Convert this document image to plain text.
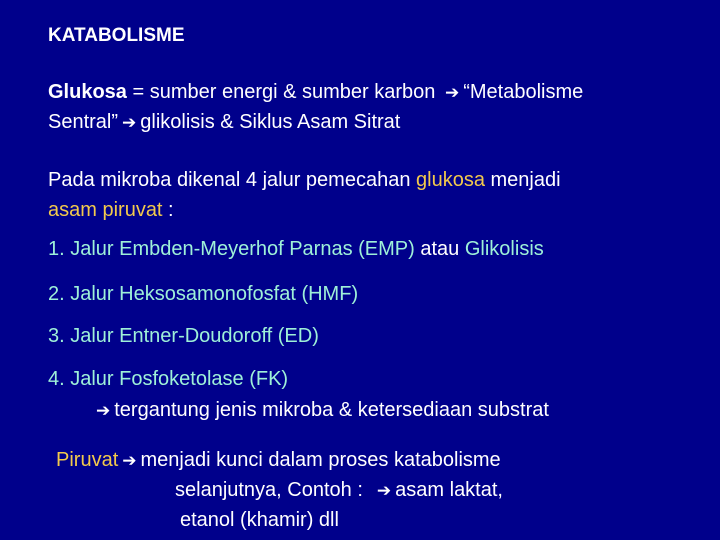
KATABOLISME
Glukosa = sumber energi & sumber karbon ➔ “Metabolisme
Sentral” ➔ glikolisis & Siklus Asam Sitrat
Pada mikroba dikenal 4 jalur pemecahan glukosa menjadi
asam piruvat :
1. Jalur Embden-Meyerhof Parnas (EMP) atau Glikolisis
2. Jalur Heksosamonofosfat (HMF)
3. Jalur Entner-Doudoroff (ED)
4. Jalur Fosfoketolase (FK)
➔ tergantung jenis mikroba & ketersediaan substrat
Piruvat ➔ menjadi kunci dalam proses katabolisme
selanjutnya, Contoh : ➔ asam laktat,
etanol (khamir) dll
